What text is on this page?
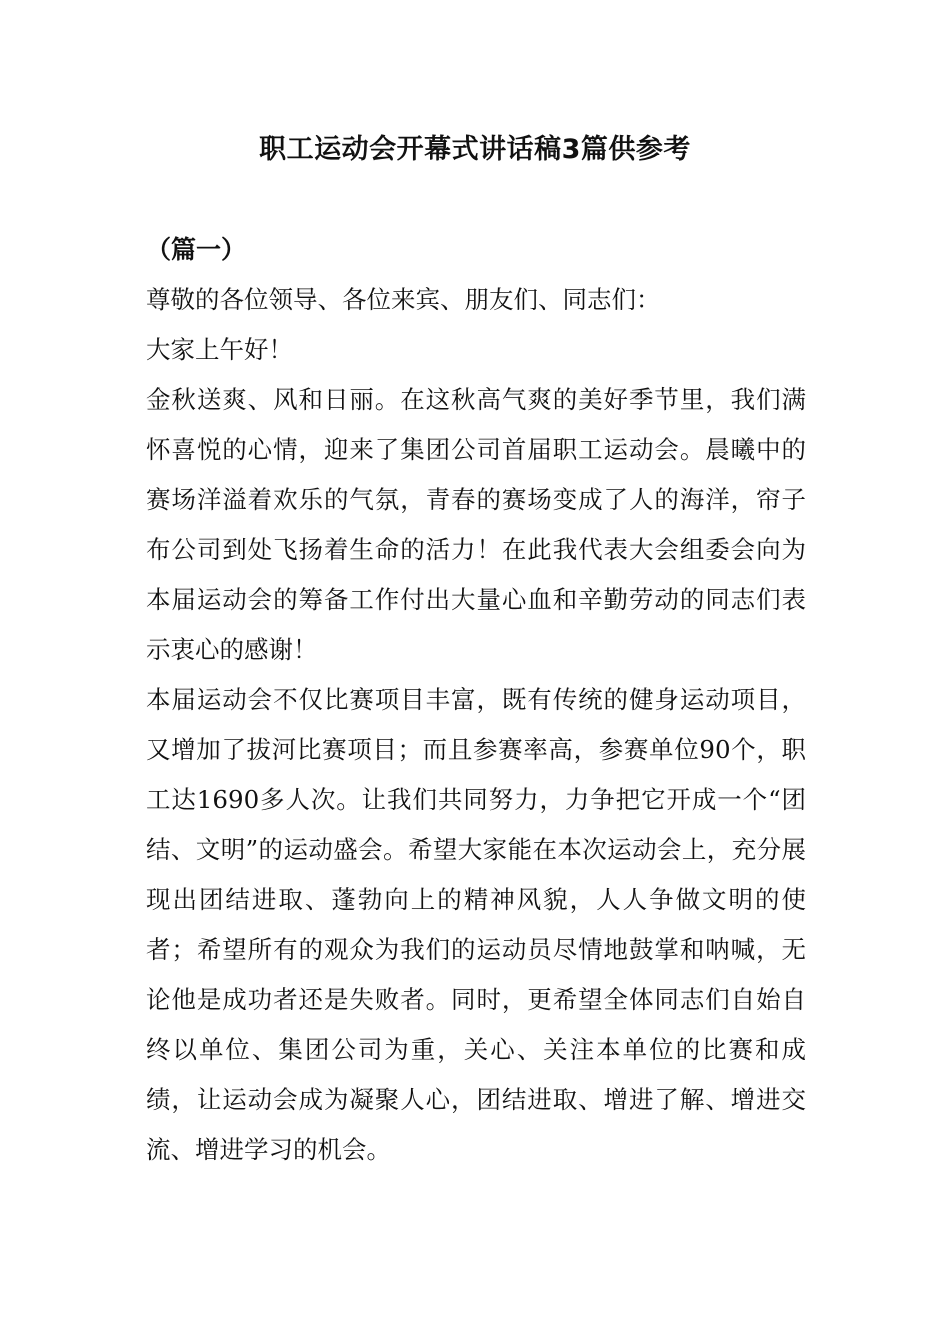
职工运动会开幕式讲话稿3篇供参考
（篇一）

尊敬的各位领导、各位来宾、朋友们、同志们：

大家上午好！

金秋送爽、风和日丽。在这秋高气爽的美好季节里，我们满怀喜悦的心情，迎来了集团公司首届职工运动会。晨曦中的赛场洋溢着欢乐的气氛，青春的赛场变成了人的海洋，帘子布公司到处飞扬着生命的活力！在此我代表大会组委会向为本届运动会的筹备工作付出大量心血和辛勤劳动的同志们表示衷心的感谢！

本届运动会不仅比赛项目丰富，既有传统的健身运动项目，又增加了拔河比赛项目；而且参赛率高，参赛单位90个，职工达1690多人次。让我们共同努力，力争把它开成一个“团结、文明”的运动盛会。希望大家能在本次运动会上，充分展现出团结进取、蓬勃向上的精神风貌，人人争做文明的使者；希望所有的观众为我们的运动员尽情地鼓掌和呐喊，无论他是成功者还是失败者。同时，更希望全体同志们自始自终以单位、集团公司为重，关心、关注本单位的比赛和成绩，让运动会成为凝聚人心，团结进取、增进了解、增进交流、增进学习的机会。
